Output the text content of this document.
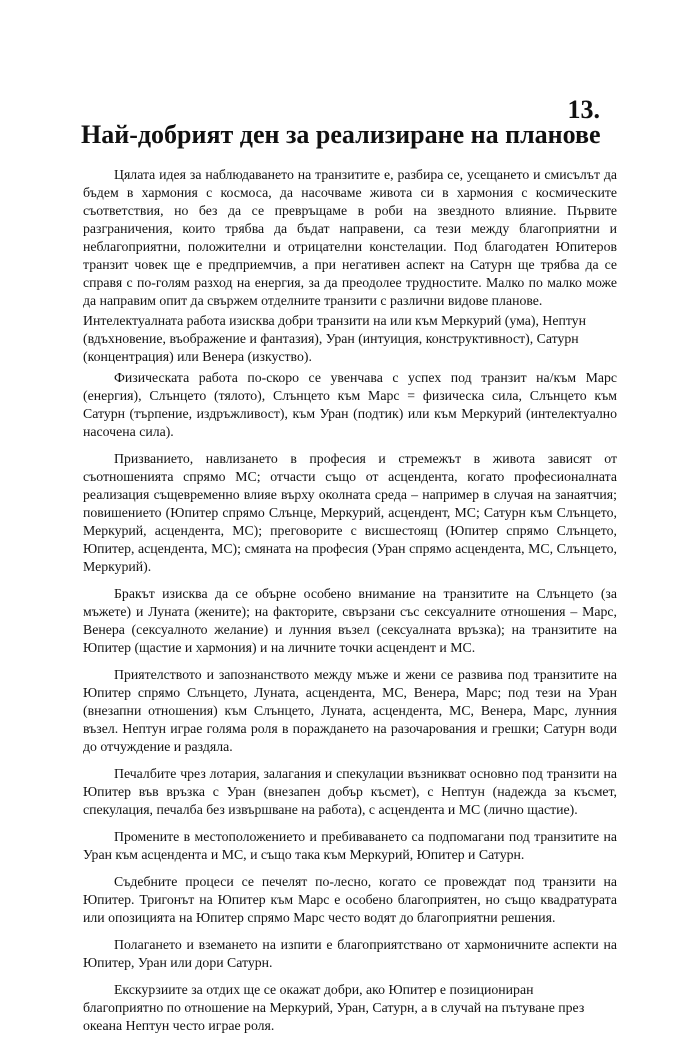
13.
Най-добрият ден за реализиране на планове

Цялата идея за наблюдаването на транзитите е, разбира се, усещането и смисълът да бъдем в хармония с космоса, да насочваме живота си в хармония с космическите съответствия, но без да се превръщаме в роби на звездното влияние. Първите разграничения, които трябва да бъдат направени, са тези между благоприятни и неблагоприятни, положителни и отрицателни констелации. Под благодатен Юпитеров транзит човек ще е предприемчив, а при негативен аспект на Сатурн ще трябва да се справя с по-голям разход на енергия, за да преодолее трудностите. Малко по малко може да направим опит да свържем отделните транзити с различни видове планове.

Интелектуалната работа изисква добри транзити на или към Меркурий (ума), Нептун (вдъхновение, въображение и фантазия), Уран (интуиция, конструктивност), Сатурн (концентрация) или Венера (изкуство).

Физическата работа по-скоро се увенчава с успех под транзит на/към Марс (енергия), Слънцето (тялото), Слънцето към Марс = физическа сила, Слънцето към Сатурн (търпение, издръжливост), към Уран (подтик) или към Меркурий (интелектуално насочена сила).

Призванието, навлизането в професия и стремежът в живота зависят от съотношенията спрямо МС; отчасти също от асцендента, когато професионалната реализация същевременно влияе върху околната среда – например в случая на занаятчия; повишението (Юпитер спрямо Слънце, Меркурий, асцендент, МС; Сатурн към Слънцето, Меркурий, асцендента, МС); преговорите с висшестоящ (Юпитер спрямо Слънцето, Юпитер, асцендента, МС); смяната на професия (Уран спрямо асцендента, МС, Слънцето, Меркурий).

Бракът изисква да се обърне особено внимание на транзитите на Слънцето (за мъжете) и Луната (жените); на факторите, свързани със сексуалните отношения – Марс, Венера (сексуалното желание) и лунния възел (сексуалната връзка); на транзитите на Юпитер (щастие и хармония) и на личните точки асцендент и МС.

Приятелството и запознанството между мъже и жени се развива под транзитите на Юпитер спрямо Слънцето, Луната, асцендента, МС, Венера, Марс; под тези на Уран (внезапни отношения) към Слънцето, Луната, асцендента, МС, Венера, Марс, лунния възел. Нептун играе голяма роля в пораждането на разочарования и грешки; Сатурн води до отчуждение и раздяла.

Печалбите чрез лотария, залагания и спекулации възникват основно под транзити на Юпитер във връзка с Уран (внезапен добър късмет), с Нептун (надежда за късмет, спекулация, печалба без извършване на работа), с асцендента и МС (лично щастие).

Промените в местоположението и пребиваването са подпомагани под транзитите на Уран към асцендента и МС, и също така към Меркурий, Юпитер и Сатурн.

Съдебните процеси се печелят по-лесно, когато се провеждат под транзити на Юпитер. Тригонът на Юпитер към Марс е особено благоприятен, но също квадратурата или опозицията на Юпитер спрямо Марс често водят до благоприятни решения.

Полагането и вземането на изпити е благоприятствано от хармоничните аспекти на Юпитер, Уран или дори Сатурн.

Екскурзиите за отдих ще се окажат добри, ако Юпитер е позициониран благоприятно по отношение на Меркурий, Уран, Сатурн, а в случай на пътуване през океана Нептун често играе роля.
